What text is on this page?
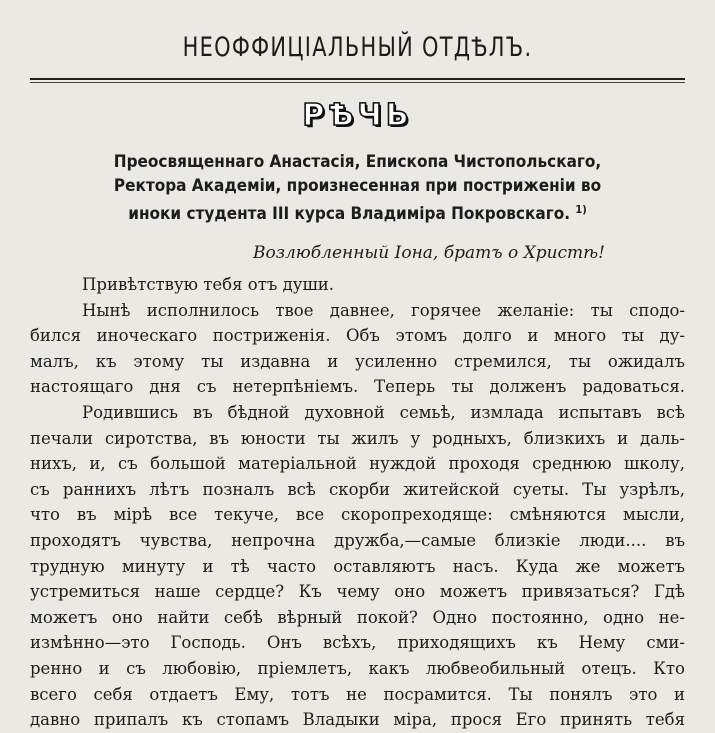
НЕОФФИЦІАЛЬНЫЙ ОТДѢЛЪ.
РѢЧЬ
Преосвященнаго Анастасія, Епископа Чистопольскаго,
Ректора Академіи, произнесенная при постриженіи во
иноки студента III курса Владиміра Покровскаго. $^{1)}$
Возлюбленный Іона, братъ о Христѣ!
Привѣтствую тебя отъ души.
Нынѣ исполнилось твое давнее, горячее желаніе: ты сподо-
бился иноческаго постриженія. Объ этомъ долго и много ты ду-
малъ, къ этому ты издавна и усиленно стремился, ты ожидалъ
настоящаго дня съ нетерпѣніемъ. Теперь ты долженъ радоваться.
Родившись въ бѣдной духовной семьѣ, измлада испытавъ всѣ
печали сиротства, въ юности ты жилъ у родныхъ, близкихъ и даль-
нихъ, и, съ большой матеріальной нуждой проходя среднюю школу,
съ раннихъ лѣтъ позналъ всѣ скорби житейской суеты. Ты узрѣлъ,
что въ мірѣ все текуче, все скоропреходяще: смѣняются мысли,
проходятъ чувства, непрочна дружба,—самые близкіе люди.... въ
трудную минуту и тѣ часто оставляютъ насъ. Куда же можетъ
устремиться наше сердце? Къ чему оно можетъ привязаться? Гдѣ
можетъ оно найти себѣ вѣрный покой? Одно постоянно, одно не-
измѣнно—это Господь. Онъ всѣхъ, приходящихъ къ Нему сми-
ренно и съ любовію, пріемлетъ, какъ любвеобильный отецъ. Кто
всего себя отдаетъ Ему, тотъ не посрамится. Ты понялъ это и
давно припалъ къ стопамъ Владыки міра, прося Его принять тебя
